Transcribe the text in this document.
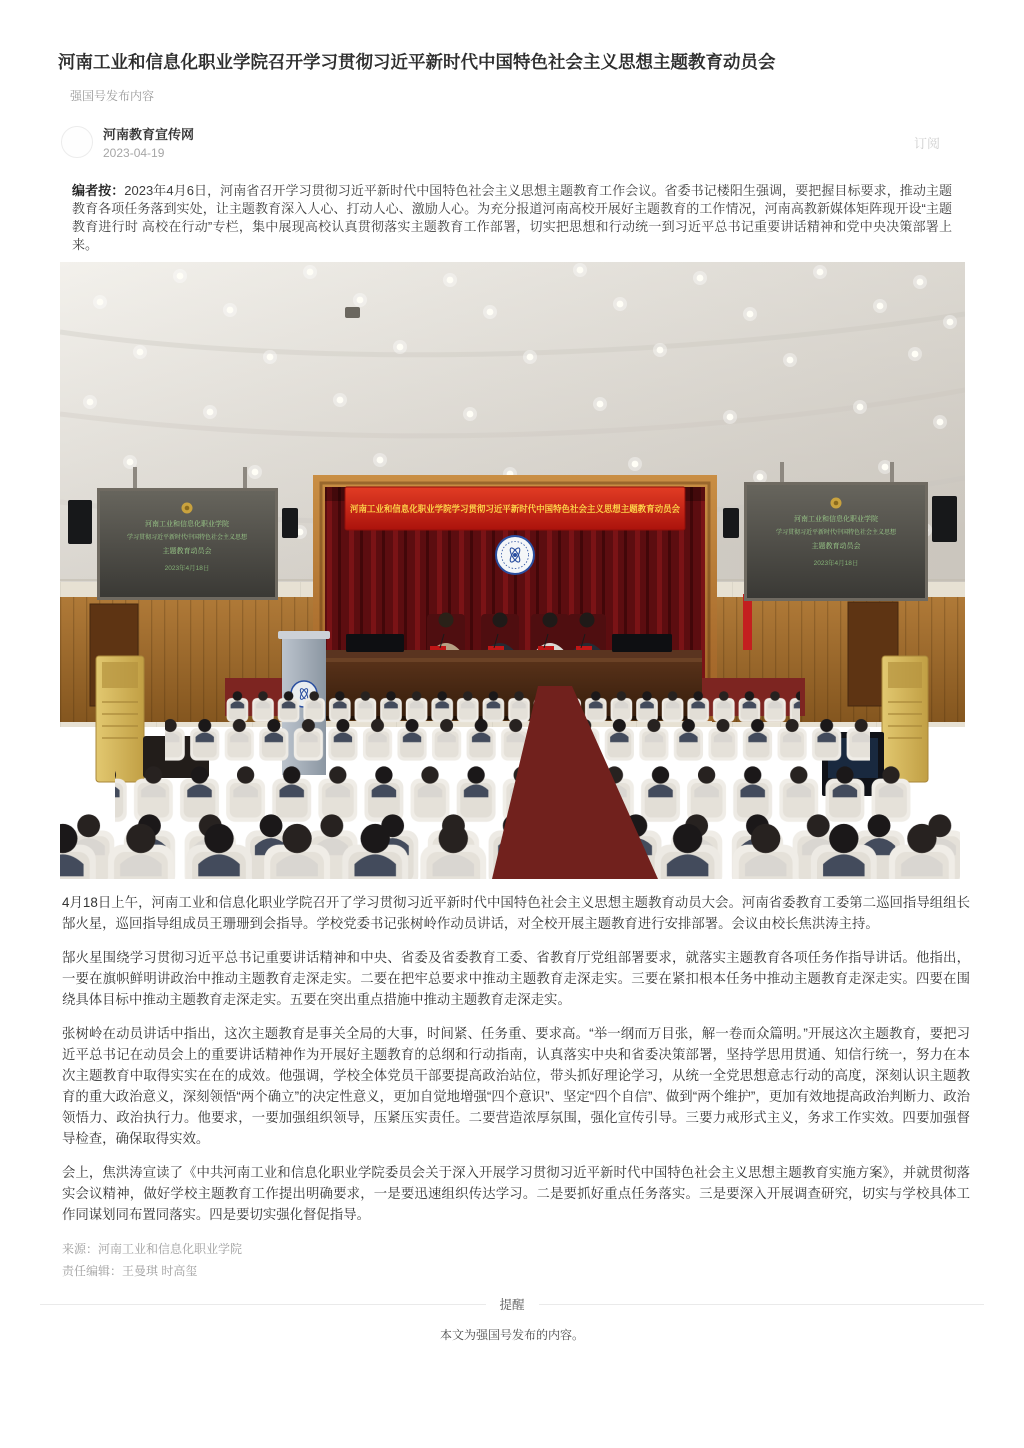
河南工业和信息化职业学院召开学习贯彻习近平新时代中国特色社会主义思想主题教育动员会
强国号发布内容
河南教育宣传网
2023-04-19
订阅
编者按：2023年4月6日，河南省召开学习贯彻习近平新时代中国特色社会主义思想主题教育工作会议。省委书记楼阳生强调，要把握目标要求，推动主题教育各项任务落到实处，让主题教育深入人心、打动人心、激励人心。为充分报道河南高校开展好主题教育的工作情况，河南高教新媒体矩阵现开设“主题教育进行时 高校在行动”专栏，集中展现高校认真贯彻落实主题教育工作部署，切实把思想和行动统一到习近平总书记重要讲话精神和党中央决策部署上来。
河南工业和信息化职业学院
学习贯彻习近平新时代中国特色社会主义思想
主题教育动员会
2023年4月18日
河南工业和信息化职业学院
学习贯彻习近平新时代中国特色社会主义思想
主题教育动员会
2023年4月18日
河南工业和信息化职业学院学习贯彻习近平新时代中国特色社会主义思想主题教育动员会

4月18日上午，河南工业和信息化职业学院召开了学习贯彻习近平新时代中国特色社会主义思想主题教育动员大会。河南省委教育工委第二巡回指导组组长郜火星，巡回指导组成员王珊珊到会指导。学校党委书记张树岭作动员讲话，对全校开展主题教育进行安排部署。会议由校长焦洪涛主持。

郜火星围绕学习贯彻习近平总书记重要讲话精神和中央、省委及省委教育工委、省教育厅党组部署要求，就落实主题教育各项任务作指导讲话。他指出，一要在旗帜鲜明讲政治中推动主题教育走深走实。二要在把牢总要求中推动主题教育走深走实。三要在紧扣根本任务中推动主题教育走深走实。四要在围绕具体目标中推动主题教育走深走实。五要在突出重点措施中推动主题教育走深走实。

张树岭在动员讲话中指出，这次主题教育是事关全局的大事，时间紧、任务重、要求高。“举一纲而万目张，解一卷而众篇明。”开展这次主题教育，要把习近平总书记在动员会上的重要讲话精神作为开展好主题教育的总纲和行动指南，认真落实中央和省委决策部署，坚持学思用贯通、知信行统一，努力在本次主题教育中取得实实在在的成效。他强调，学校全体党员干部要提高政治站位，带头抓好理论学习，从统一全党思想意志行动的高度，深刻认识主题教育的重大政治意义，深刻领悟“两个确立”的决定性意义，更加自觉地增强“四个意识”、坚定“四个自信”、做到“两个维护”，更加有效地提高政治判断力、政治领悟力、政治执行力。他要求，一要加强组织领导，压紧压实责任。二要营造浓厚氛围，强化宣传引导。三要力戒形式主义，务求工作实效。四要加强督导检查，确保取得实效。

会上，焦洪涛宣读了《中共河南工业和信息化职业学院委员会关于深入开展学习贯彻习近平新时代中国特色社会主义思想主题教育实施方案》，并就贯彻落实会议精神，做好学校主题教育工作提出明确要求，一是要迅速组织传达学习。二是要抓好重点任务落实。三是要深入开展调查研究，切实与学校具体工作同谋划同布置同落实。四是要切实强化督促指导。

来源：河南工业和信息化职业学院
责任编辑：王曼琪 时高玺
提醒
本文为强国号发布的内容。
